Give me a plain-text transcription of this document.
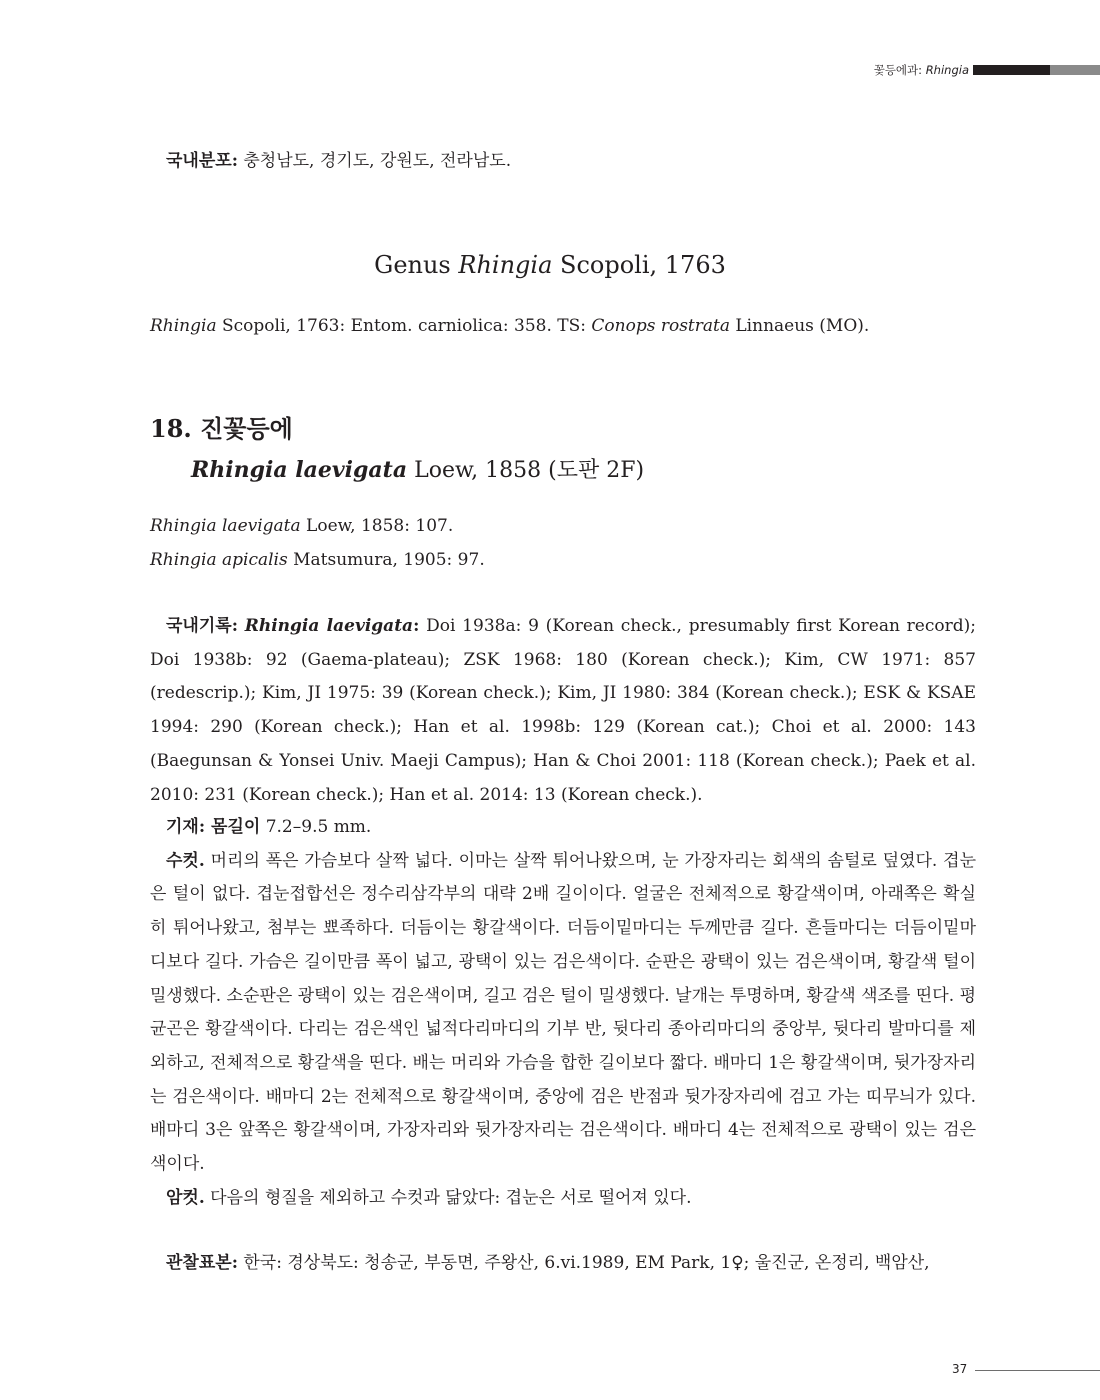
꽃등에과: Rhingia
국내분포: 충청남도, 경기도, 강원도, 전라남도.
Genus Rhingia Scopoli, 1763
Rhingia Scopoli, 1763: Entom. carniolica: 358. TS: Conops rostrata Linnaeus (MO).
18. 진꽃등에
Rhingia laevigata Loew, 1858 (도판 2F)
Rhingia laevigata Loew, 1858: 107.
Rhingia apicalis Matsumura, 1905: 97.
국내기록: Rhingia laevigata: Doi 1938a: 9 (Korean check., presumably first Korean record); Doi 1938b: 92 (Gaema-plateau); ZSK 1968: 180 (Korean check.); Kim, CW 1971: 857 (redescrip.); Kim, JI 1975: 39 (Korean check.); Kim, JI 1980: 384 (Korean check.); ESK & KSAE 1994: 290 (Korean check.); Han et al. 1998b: 129 (Korean cat.); Choi et al. 2000: 143 (Baegunsan & Yonsei Univ. Maeji Campus); Han & Choi 2001: 118 (Korean check.); Paek et al. 2010: 231 (Korean check.); Han et al. 2014: 13 (Korean check.).
기재: 몸길이 7.2–9.5 mm.
수컷. 머리의 폭은 가슴보다 살짝 넓다. 이마는 살짝 튀어나왔으며, 눈 가장자리는 회색의 솜털로 덮였다. 겹눈은 털이 없다. 겹눈접합선은 정수리삼각부의 대략 2배 길이이다. 얼굴은 전체적으로 황갈색이며, 아래쪽은 확실히 튀어나왔고, 첨부는 뾰족하다. 더듬이는 황갈색이다. 더듬이밑마디는 두께만큼 길다. 흔들마디는 더듬이밑마디보다 길다. 가슴은 길이만큼 폭이 넓고, 광택이 있는 검은색이다. 순판은 광택이 있는 검은색이며, 황갈색 털이 밀생했다. 소순판은 광택이 있는 검은색이며, 길고 검은 털이 밀생했다. 날개는 투명하며, 황갈색 색조를 띤다. 평균곤은 황갈색이다. 다리는 검은색인 넓적다리마디의 기부 반, 뒷다리 종아리마디의 중앙부, 뒷다리 발마디를 제외하고, 전체적으로 황갈색을 띤다. 배는 머리와 가슴을 합한 길이보다 짧다. 배마디 1은 황갈색이며, 뒷가장자리는 검은색이다. 배마디 2는 전체적으로 황갈색이며, 중앙에 검은 반점과 뒷가장자리에 검고 가는 띠무늬가 있다. 배마디 3은 앞쪽은 황갈색이며, 가장자리와 뒷가장자리는 검은색이다. 배마디 4는 전체적으로 광택이 있는 검은색이다.
암컷. 다음의 형질을 제외하고 수컷과 닮았다: 겹눈은 서로 떨어져 있다.
관찰표본: 한국: 경상북도: 청송군, 부동면, 주왕산, 6.vi.1989, EM Park, 1♀; 울진군, 온정리, 백암산,
37
